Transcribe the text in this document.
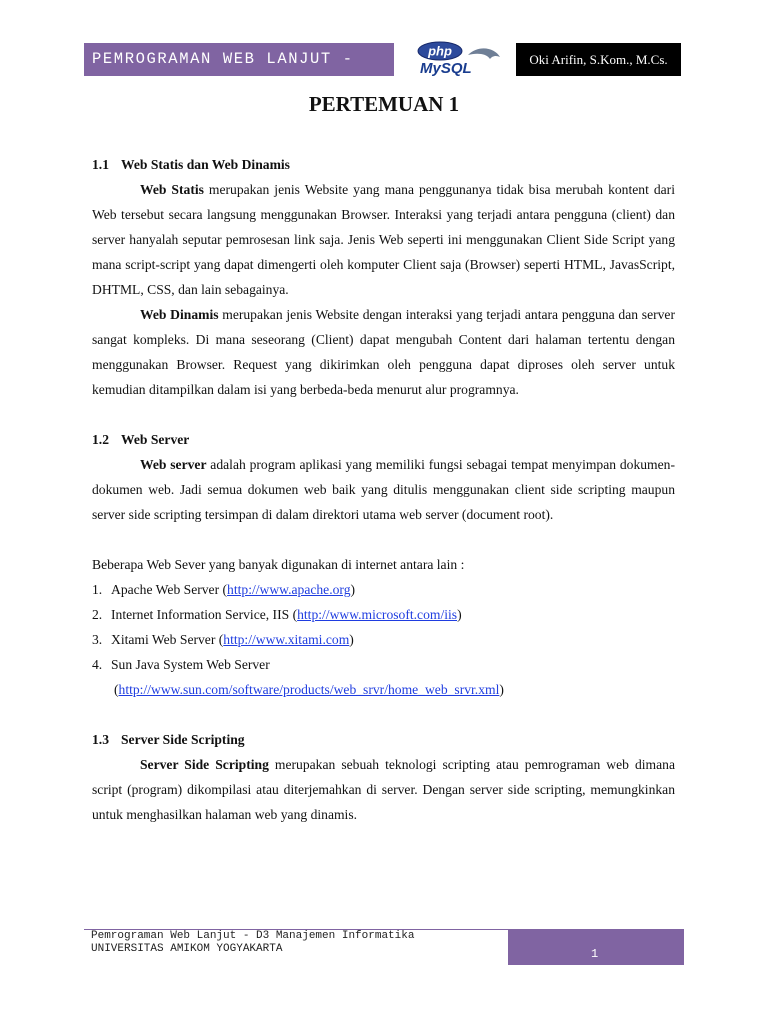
PEMROGRAMAN WEB LANJUT -	php
MySQL
Oki Arifin, S.Kom., M.Cs.
PERTEMUAN 1

1.1 Web Statis dan Web Dinamis

Web Statis merupakan jenis Website yang mana penggunanya tidak bisa merubah kontent dari Web tersebut secara langsung menggunakan Browser. Interaksi yang terjadi antara pengguna (client) dan server hanyalah seputar pemrosesan link saja. Jenis Web seperti ini menggunakan Client Side Script yang mana script-script yang dapat dimengerti oleh komputer Client saja (Browser) seperti HTML, JavasScript, DHTML, CSS, dan lain sebagainya.

Web Dinamis merupakan jenis Website dengan interaksi yang terjadi antara pengguna dan server sangat kompleks. Di mana seseorang (Client) dapat mengubah Content dari halaman tertentu dengan menggunakan Browser. Request yang dikirimkan oleh pengguna dapat diproses oleh server untuk kemudian ditampilkan dalam isi yang berbeda-beda menurut alur programnya.

1.2 Web Server

Web server adalah program aplikasi yang memiliki fungsi sebagai tempat menyimpan dokumen-dokumen web. Jadi semua dokumen web baik yang ditulis menggunakan client side scripting maupun server side scripting tersimpan di dalam direktori utama web server (document root).

Beberapa Web Sever yang banyak digunakan di internet antara lain :

1. Apache Web Server (http://www.apache.org)
2. Internet Information Service, IIS (http://www.microsoft.com/iis)
3. Xitami Web Server (http://www.xitami.com)
4. Sun Java System Web Server
(http://www.sun.com/software/products/web_srvr/home_web_srvr.xml)

1.3 Server Side Scripting

Server Side Scripting merupakan sebuah teknologi scripting atau pemrograman web dimana script (program) dikompilasi atau diterjemahkan di server. Dengan server side scripting, memungkinkan untuk menghasilkan halaman web yang dinamis.

Pemrograman Web Lanjut - D3 Manajemen Informatika
UNIVERSITAS AMIKOM YOGYAKARTA	1
